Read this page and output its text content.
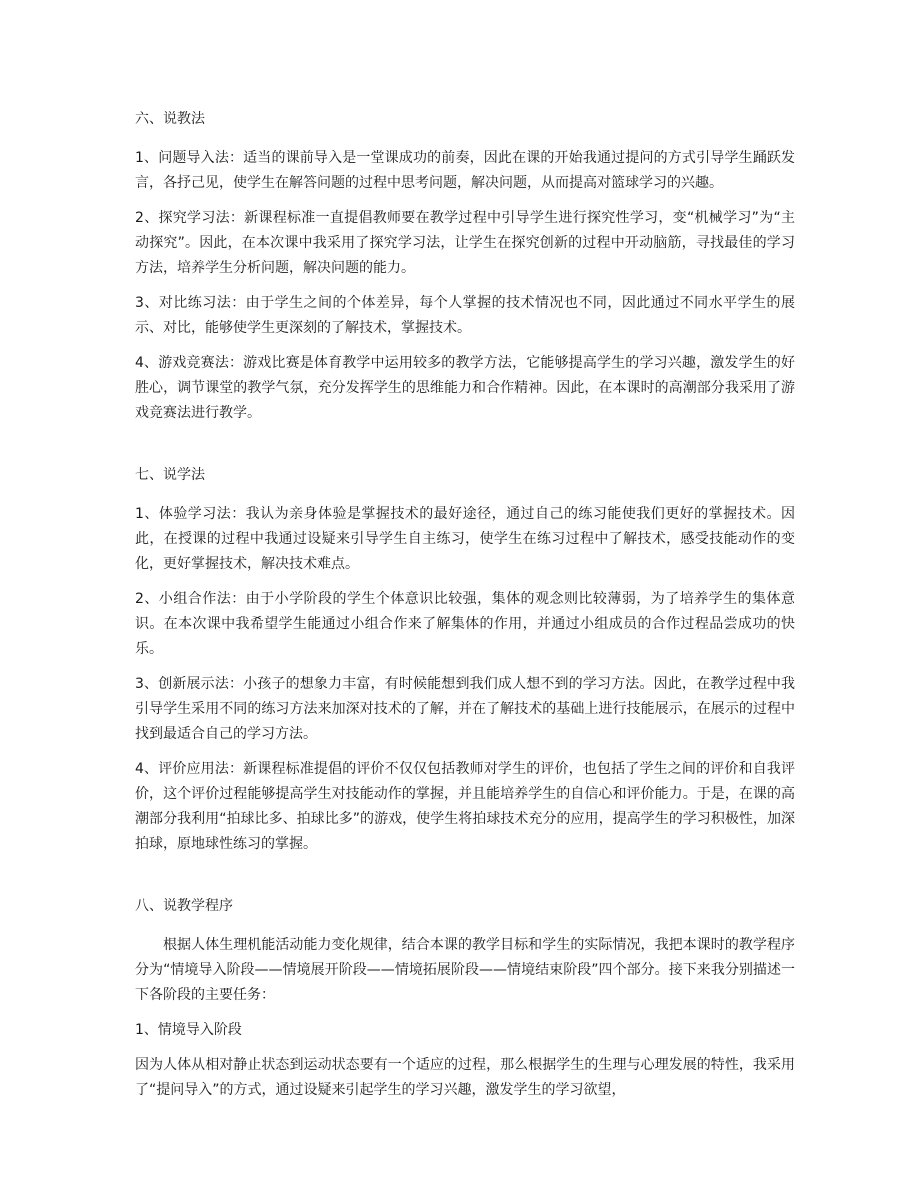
六、说教法

1、问题导入法：适当的课前导入是一堂课成功的前奏，因此在课的开始我通过提问的方式引导学生踊跃发言，各抒己见，使学生在解答问题的过程中思考问题，解决问题，从而提高对篮球学习的兴趣。

2、探究学习法：新课程标准一直提倡教师要在教学过程中引导学生进行探究性学习，变“机械学习”为“主动探究”。因此，在本次课中我采用了探究学习法，让学生在探究创新的过程中开动脑筋，寻找最佳的学习方法，培养学生分析问题，解决问题的能力。

3、对比练习法：由于学生之间的个体差异，每个人掌握的技术情况也不同，因此通过不同水平学生的展示、对比，能够使学生更深刻的了解技术，掌握技术。

4、游戏竞赛法：游戏比赛是体育教学中运用较多的教学方法，它能够提高学生的学习兴趣，激发学生的好胜心，调节课堂的教学气氛，充分发挥学生的思维能力和合作精神。因此，在本课时的高潮部分我采用了游戏竞赛法进行教学。

七、说学法

1、体验学习法：我认为亲身体验是掌握技术的最好途径，通过自己的练习能使我们更好的掌握技术。因此，在授课的过程中我通过设疑来引导学生自主练习，使学生在练习过程中了解技术，感受技能动作的变化，更好掌握技术，解决技术难点。

2、小组合作法：由于小学阶段的学生个体意识比较强，集体的观念则比较薄弱，为了培养学生的集体意识。在本次课中我希望学生能通过小组合作来了解集体的作用，并通过小组成员的合作过程品尝成功的快乐。

3、创新展示法：小孩子的想象力丰富，有时候能想到我们成人想不到的学习方法。因此，在教学过程中我引导学生采用不同的练习方法来加深对技术的了解，并在了解技术的基础上进行技能展示，在展示的过程中找到最适合自己的学习方法。

4、评价应用法：新课程标准提倡的评价不仅仅包括教师对学生的评价，也包括了学生之间的评价和自我评价，这个评价过程能够提高学生对技能动作的掌握，并且能培养学生的自信心和评价能力。于是，在课的高潮部分我利用“拍球比多、拍球比多”的游戏，使学生将拍球技术充分的应用，提高学生的学习积极性，加深拍球，原地球性练习的掌握。

八、说教学程序

根据人体生理机能活动能力变化规律，结合本课的教学目标和学生的实际情况，我把本课时的教学程序分为“情境导入阶段——情境展开阶段——情境拓展阶段——情境结束阶段”四个部分。接下来我分别描述一下各阶段的主要任务：

1、情境导入阶段

因为人体从相对静止状态到运动状态要有一个适应的过程，那么根据学生的生理与心理发展的特性，我采用了“提问导入”的方式，通过设疑来引起学生的学习兴趣，激发学生的学习欲望，
